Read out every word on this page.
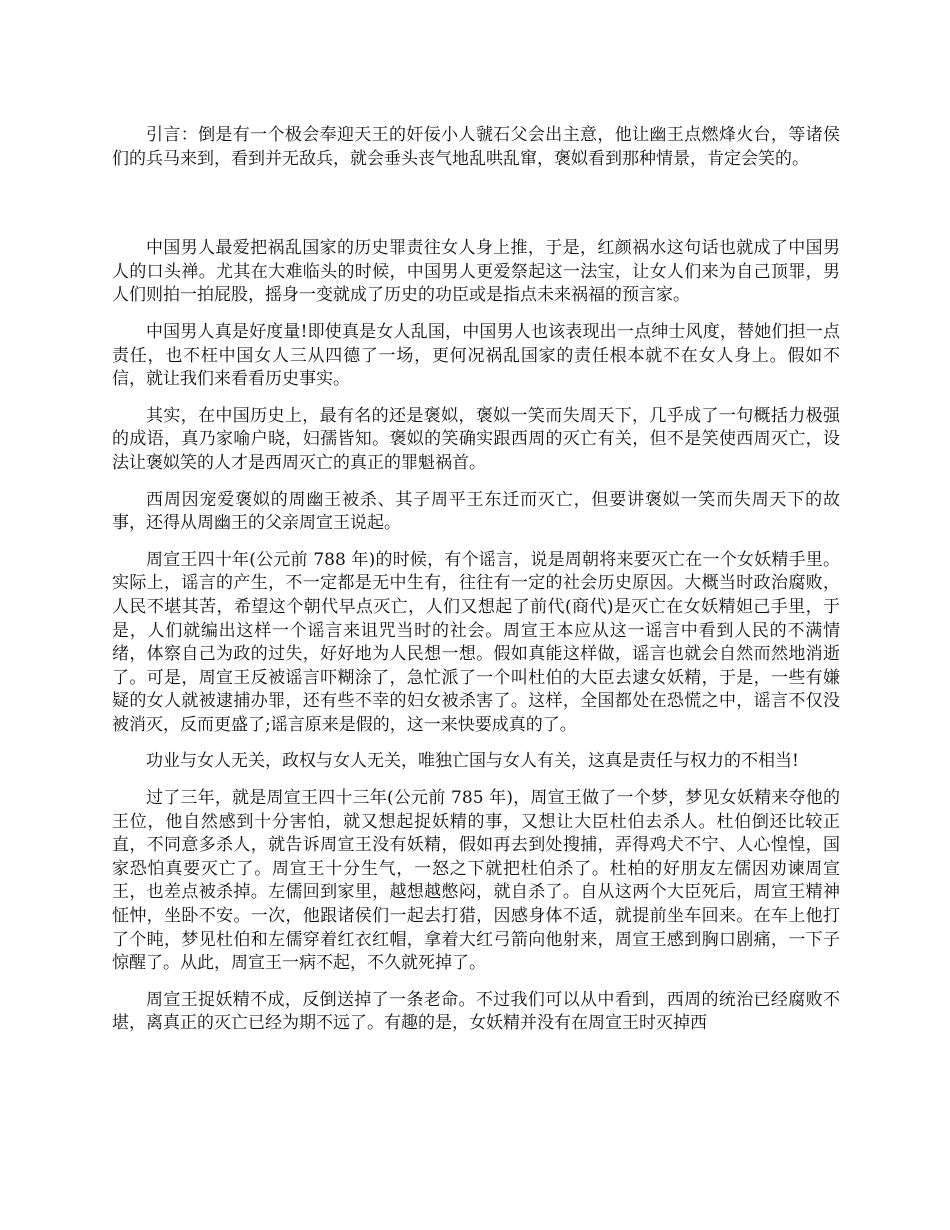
引言：倒是有一个极会奉迎天王的奸佞小人虢石父会出主意，他让幽王点燃烽火台，等诸侯们的兵马来到，看到并无敌兵，就会垂头丧气地乱哄乱窜，褒姒看到那种情景，肯定会笑的。

中国男人最爱把祸乱国家的历史罪责往女人身上推，于是，红颜祸水这句话也就成了中国男人的口头禅。尤其在大难临头的时候，中国男人更爱祭起这一法宝，让女人们来为自己顶罪，男人们则拍一拍屁股，摇身一变就成了历史的功臣或是指点未来祸福的预言家。

中国男人真是好度量!即使真是女人乱国，中国男人也该表现出一点绅士风度，替她们担一点责任，也不枉中国女人三从四德了一场，更何况祸乱国家的责任根本就不在女人身上。假如不信，就让我们来看看历史事实。

其实，在中国历史上，最有名的还是褒姒，褒姒一笑而失周天下，几乎成了一句概括力极强的成语，真乃家喻户晓，妇孺皆知。褒姒的笑确实跟西周的灭亡有关，但不是笑使西周灭亡，设法让褒姒笑的人才是西周灭亡的真正的罪魁祸首。

西周因宠爱褒姒的周幽王被杀、其子周平王东迁而灭亡，但要讲褒姒一笑而失周天下的故事，还得从周幽王的父亲周宣王说起。

周宣王四十年(公元前 788 年)的时候，有个谣言，说是周朝将来要灭亡在一个女妖精手里。实际上，谣言的产生，不一定都是无中生有，往往有一定的社会历史原因。大概当时政治腐败，人民不堪其苦，希望这个朝代早点灭亡，人们又想起了前代(商代)是灭亡在女妖精妲己手里，于是，人们就编出这样一个谣言来诅咒当时的社会。周宣王本应从这一谣言中看到人民的不满情绪，体察自己为政的过失，好好地为人民想一想。假如真能这样做，谣言也就会自然而然地消逝了。可是，周宣王反被谣言吓糊涂了，急忙派了一个叫杜伯的大臣去逮女妖精，于是，一些有嫌疑的女人就被逮捕办罪，还有些不幸的妇女被杀害了。这样，全国都处在恐慌之中，谣言不仅没被消灭，反而更盛了;谣言原来是假的，这一来快要成真的了。

功业与女人无关，政权与女人无关，唯独亡国与女人有关，这真是责任与权力的不相当!

过了三年，就是周宣王四十三年(公元前 785 年)，周宣王做了一个梦，梦见女妖精来夺他的王位，他自然感到十分害怕，就又想起捉妖精的事，又想让大臣杜伯去杀人。杜伯倒还比较正直，不同意多杀人，就告诉周宣王没有妖精，假如再去到处搜捕，弄得鸡犬不宁、人心惶惶，国家恐怕真要灭亡了。周宣王十分生气，一怒之下就把杜伯杀了。杜柏的好朋友左儒因劝谏周宣王，也差点被杀掉。左儒回到家里，越想越憋闷，就自杀了。自从这两个大臣死后，周宣王精神怔忡，坐卧不安。一次，他跟诸侯们一起去打猎，因感身体不适，就提前坐车回来。在车上他打了个盹，梦见杜伯和左儒穿着红衣红帽，拿着大红弓箭向他射来，周宣王感到胸口剧痛，一下子惊醒了。从此，周宣王一病不起，不久就死掉了。

周宣王捉妖精不成，反倒送掉了一条老命。不过我们可以从中看到，西周的统治已经腐败不堪，离真正的灭亡已经为期不远了。有趣的是，女妖精并没有在周宣王时灭掉西
